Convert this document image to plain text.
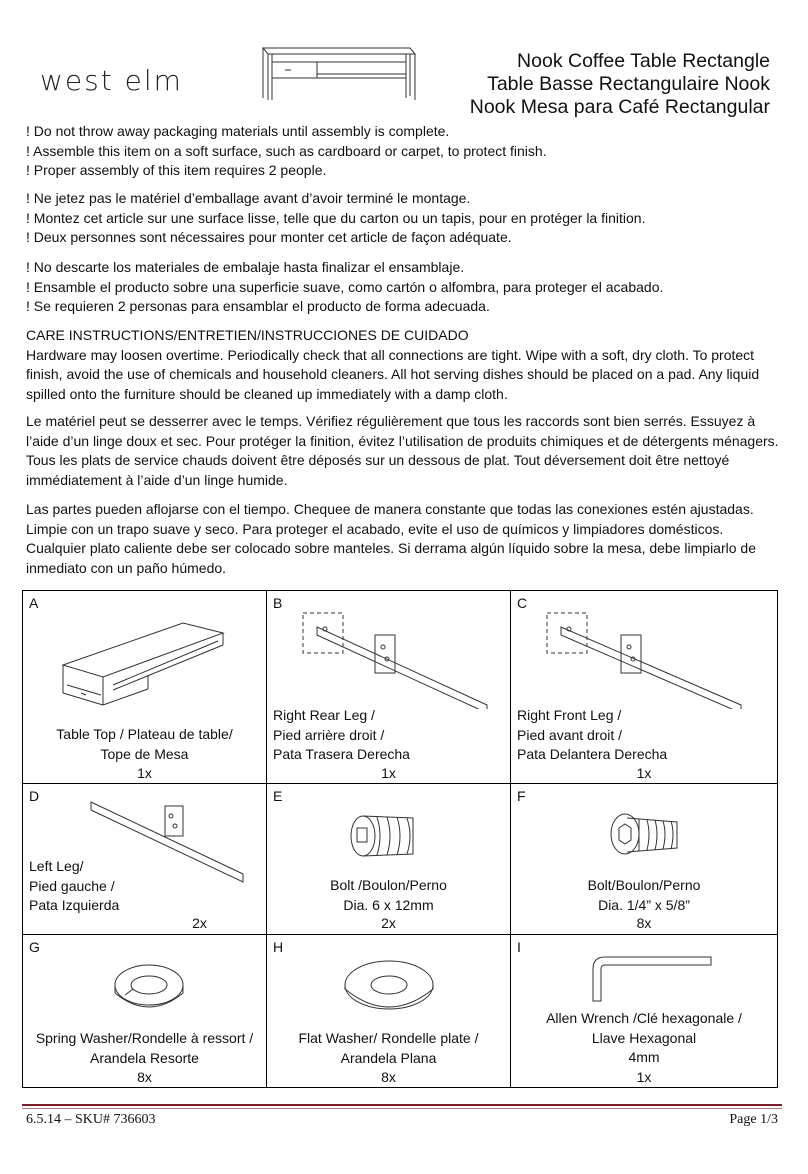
west elm
Nook Coffee Table Rectangle
Table Basse Rectangulaire Nook
Nook Mesa para Café Rectangular

! Do not throw away packaging materials until assembly is complete.

! Assemble this item on a soft surface, such as cardboard or carpet, to protect finish.

! Proper assembly of this item requires 2 people.

! Ne jetez pas le matériel d’emballage avant d’avoir terminé le montage.

! Montez cet article sur une surface lisse, telle que du carton ou un tapis, pour en protéger la finition.

! Deux personnes sont nécessaires pour monter cet article de façon adéquate.

! No descarte los materiales de embalaje hasta finalizar el ensamblaje.

! Ensamble el producto sobre una superficie suave, como cartón o alfombra, para proteger el acabado.

! Se requieren 2 personas para ensamblar el producto de forma adecuada.

CARE INSTRUCTIONS/ENTRETIEN/INSTRUCCIONES DE CUIDADO
Hardware may loosen overtime. Periodically check that all connections are tight. Wipe with a soft, dry cloth. To protect finish, avoid the use of chemicals and household cleaners. All hot serving dishes should be placed on a pad. Any liquid spilled onto the furniture should be cleaned up immediately with a damp cloth.
Le matériel peut se desserrer avec le temps. Vérifiez régulièrement que tous les raccords sont bien serrés. Essuyez à l’aide d’un linge doux et sec. Pour protéger la finition, évitez l’utilisation de produits chimiques et de détergents ménagers. Tous les plats de service chauds doivent être déposés sur un dessous de plat. Tout déversement doit être nettoyé immédiatement à l’aide d’un linge humide.
Las partes pueden aflojarse con el tiempo. Chequee de manera constante que todas las conexiones estén ajustadas. Limpie con un trapo suave y seco. Para proteger el acabado, evite el uso de químicos y limpiadores domésticos. Cualquier plato caliente debe ser colocado sobre manteles. Si derrama algún líquido sobre la mesa, debe limpiarlo de inmediato con un paño húmedo.
A
Table Top / Plateau de table/
Tope de Mesa
1x
B
Right Rear Leg /
Pied arrière droit /
Pata Trasera Derecha
1x
C
Right Front Leg /
Pied avant droit /
Pata Delantera Derecha
1x
D
Left Leg/
Pied gauche /
Pata Izquierda
2x
E
Bolt /Boulon/Perno
Dia. 6 x 12mm
2x
F
Bolt/Boulon/Perno
Dia. 1/4” x 5/8”
8x
G
Spring Washer/Rondelle à ressort /
Arandela Resorte
8x
H
Flat Washer/ Rondelle plate /
Arandela Plana
8x
I
Allen Wrench /Clé hexagonale /
Llave Hexagonal
4mm
1x
6.5.14 – SKU# 736603	Page 1/3
